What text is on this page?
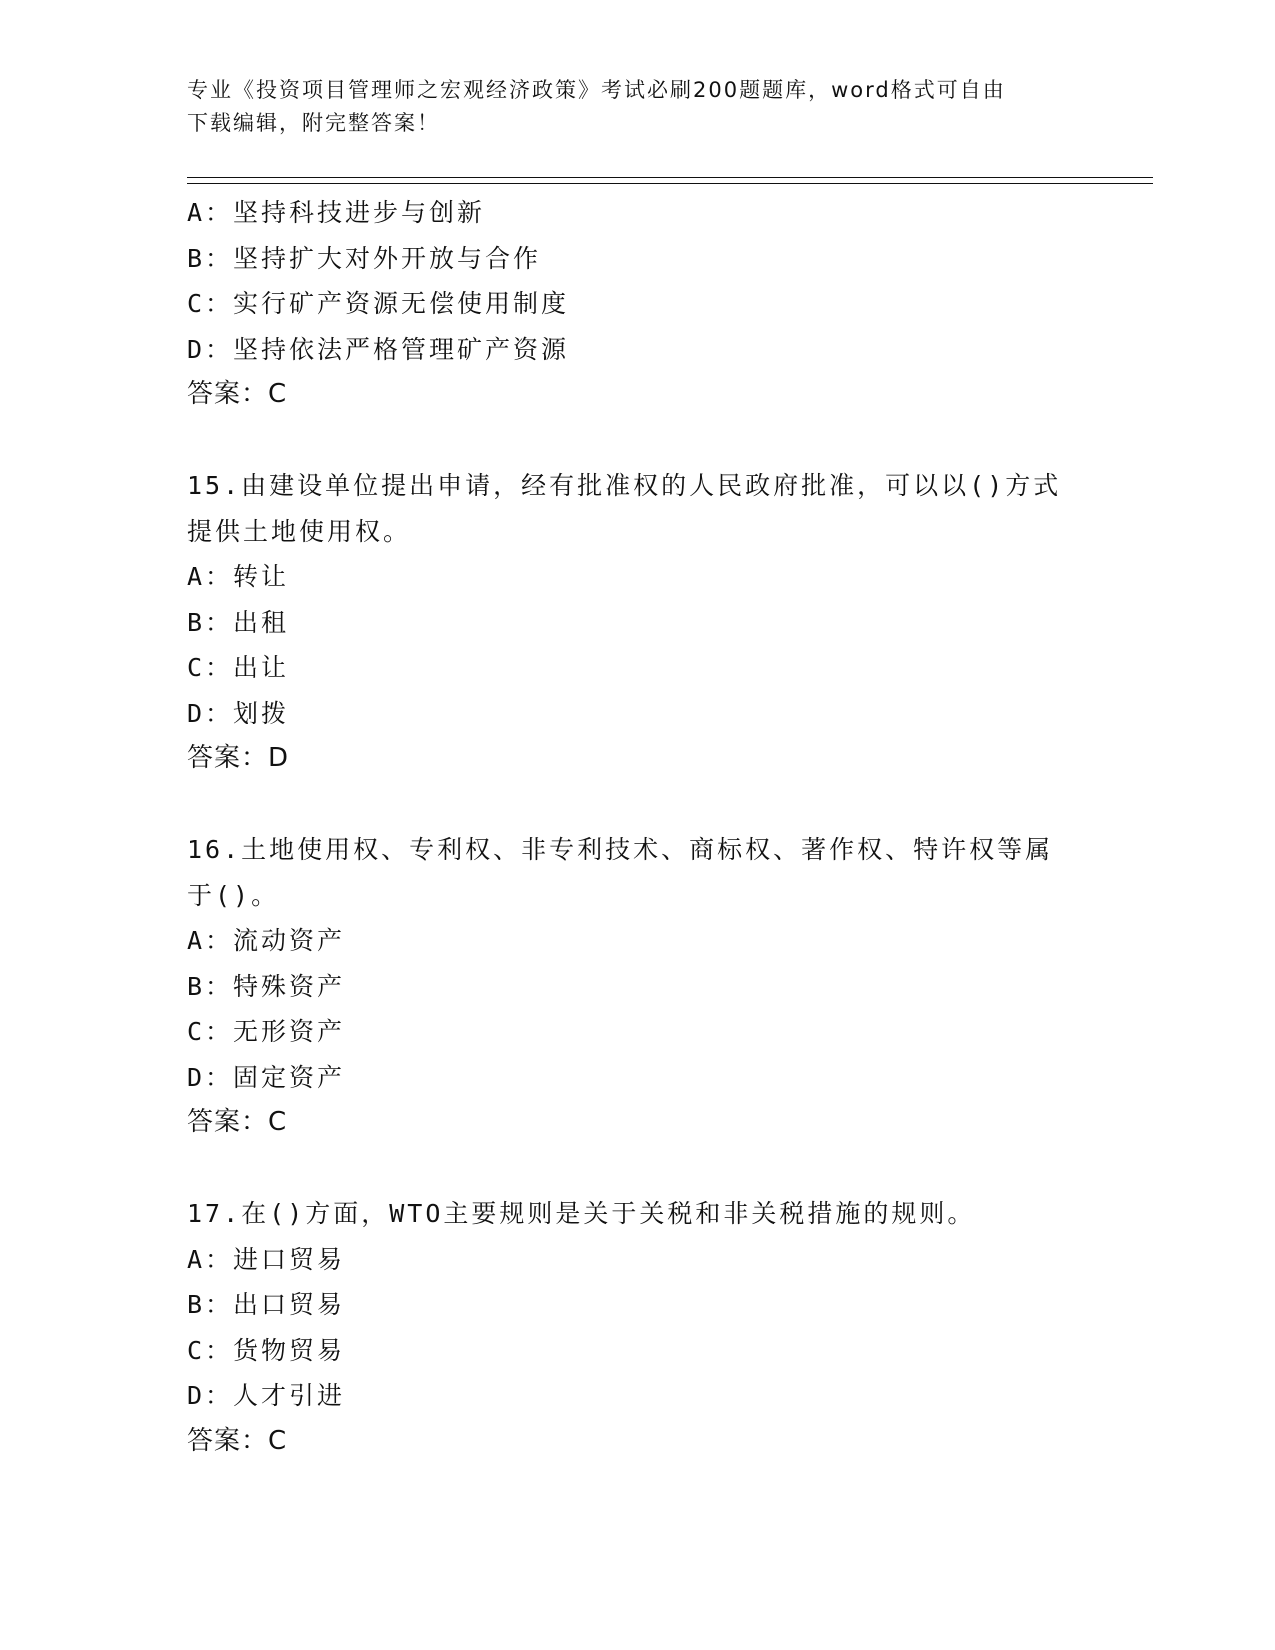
专业《投资项目管理师之宏观经济政策》考试必刷200题题库，word格式可自由
下载编辑，附完整答案！
A：坚持科技进步与创新
B：坚持扩大对外开放与合作
C：实行矿产资源无偿使用制度
D：坚持依法严格管理矿产资源
答案：C
15.由建设单位提出申请，经有批准权的人民政府批准，可以以()方式
提供土地使用权。
A：转让
B：出租
C：出让
D：划拨
答案：D
16.土地使用权、专利权、非专利技术、商标权、著作权、特许权等属
于()。
A：流动资产
B：特殊资产
C：无形资产
D：固定资产
答案：C
17.在()方面，WTO主要规则是关于关税和非关税措施的规则。
A：进口贸易
B：出口贸易
C：货物贸易
D：人才引进
答案：C
